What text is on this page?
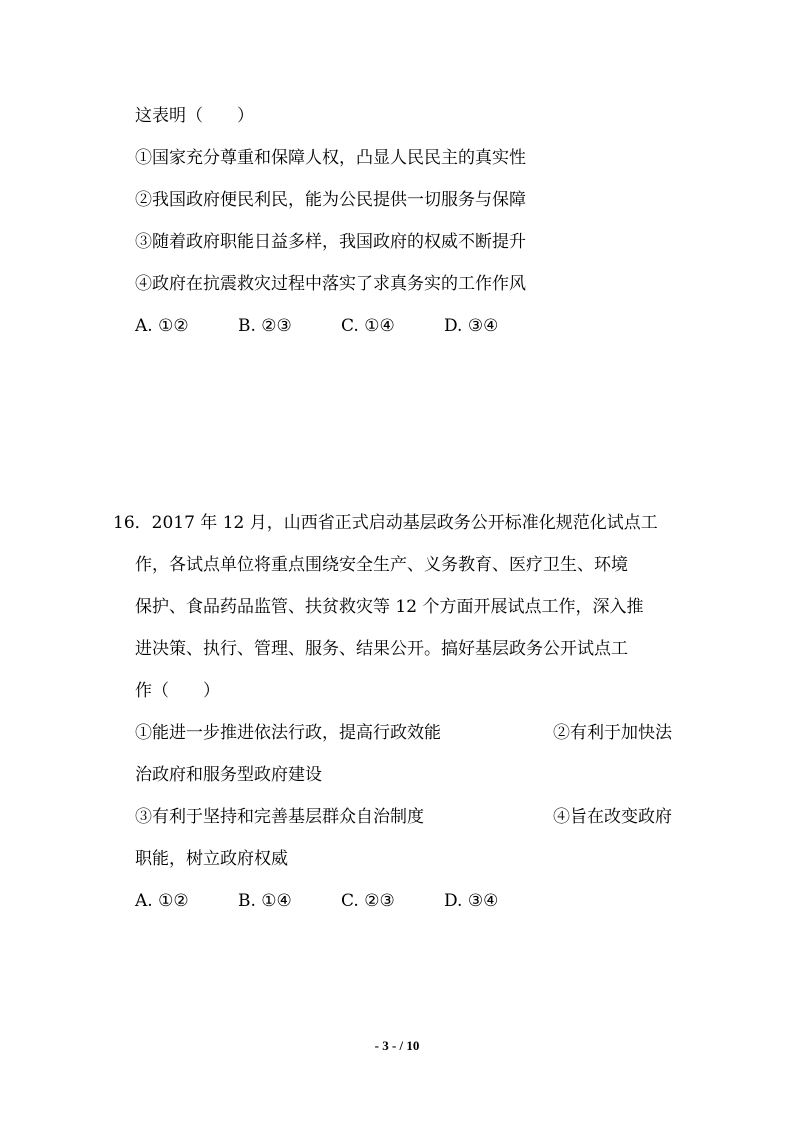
这表明（　　）
①国家充分尊重和保障人权，凸显人民民主的真实性
②我国政府便民利民，能为公民提供一切服务与保障
③随着政府职能日益多样，我国政府的权威不断提升
④政府在抗震救灾过程中落实了求真务实的工作作风
A. ①②	B. ②③	C. ①④	D. ③④
16．2017 年 12 月，山西省正式启动基层政务公开标准化规范化试点工
作，各试点单位将重点围绕安全生产、义务教育、医疗卫生、环境
保护、食品药品监管、扶贫救灾等 12 个方面开展试点工作，深入推
进决策、执行、管理、服务、结果公开。搞好基层政务公开试点工
作（　　）
①能进一步推进依法行政，提高行政效能	②有利于加快法
治政府和服务型政府建设
③有利于坚持和完善基层群众自治制度	④旨在改变政府
职能，树立政府权威
A. ①②	B. ①④	C. ②③	D. ③④
- 3 - / 10
